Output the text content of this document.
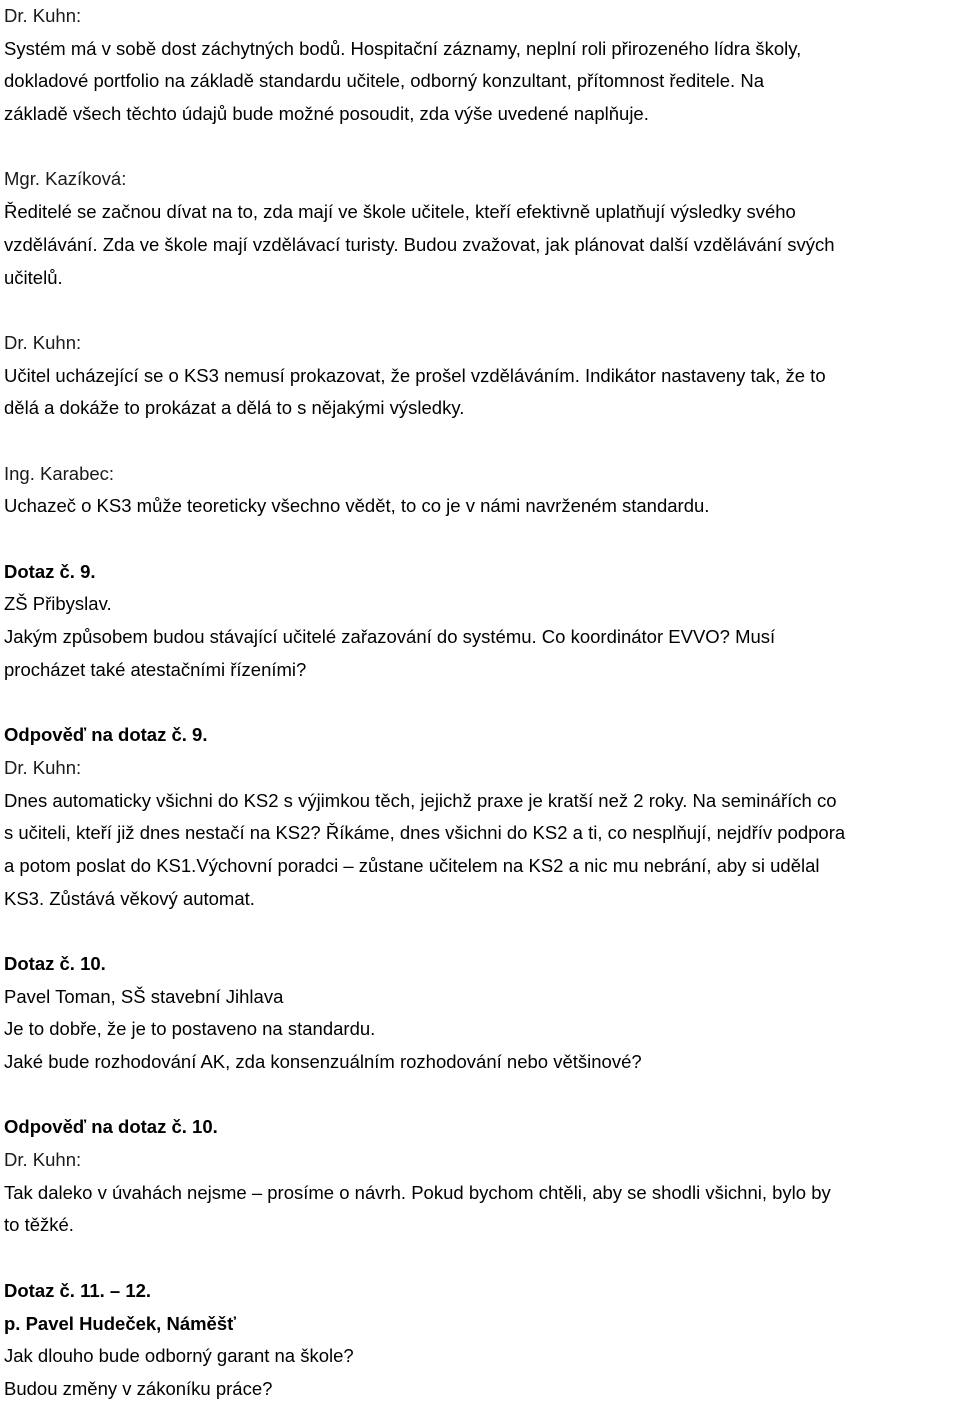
Dr. Kuhn:
Systém má v sobě dost záchytných bodů. Hospitační záznamy, neplní roli přirozeného lídra školy,
dokladové portfolio na základě standardu učitele, odborný konzultant, přítomnost ředitele. Na
základě všech těchto údajů bude možné posoudit, zda výše uvedené naplňuje.
Mgr. Kazíková:
Ředitelé se začnou dívat na to, zda mají ve škole učitele, kteří efektivně uplatňují výsledky svého
vzdělávání. Zda ve škole mají vzdělávací turisty. Budou zvažovat, jak plánovat další vzdělávání svých
učitelů.
Dr. Kuhn:
Učitel ucházející se o KS3 nemusí prokazovat, že prošel vzděláváním. Indikátor nastaveny tak, že to
dělá a dokáže to prokázat a dělá to s nějakými výsledky.
Ing. Karabec:
Uchazeč o KS3 může teoreticky všechno vědět, to co je v námi navrženém standardu.
Dotaz č. 9.
ZŠ Přibyslav.
Jakým způsobem budou stávající učitelé zařazování do systému. Co koordinátor EVVO? Musí
procházet také atestačními řízeními?
Odpověď na dotaz č. 9.
Dr. Kuhn:
Dnes automaticky všichni do KS2 s výjimkou těch, jejichž praxe je kratší než 2 roky. Na seminářích co
s učiteli, kteří již dnes nestačí na KS2? Říkáme, dnes všichni do KS2 a ti, co nesplňují, nejdřív podpora
a potom poslat do KS1.Výchovní poradci – zůstane učitelem na KS2 a nic mu nebrání, aby si udělal
KS3. Zůstává věkový automat.
Dotaz č. 10.
Pavel Toman, SŠ stavební Jihlava
Je to dobře, že je to postaveno na standardu.
Jaké bude rozhodování AK, zda konsenzuálním rozhodování nebo většinové?
Odpověď na dotaz č. 10.
Dr. Kuhn:
Tak daleko v úvahách nejsme – prosíme o návrh. Pokud bychom chtěli, aby se shodli všichni, bylo by
to těžké.
Dotaz č. 11. – 12.
p. Pavel Hudeček, Náměšť
Jak dlouho bude odborný garant na škole?
Budou změny v zákoníku práce?
